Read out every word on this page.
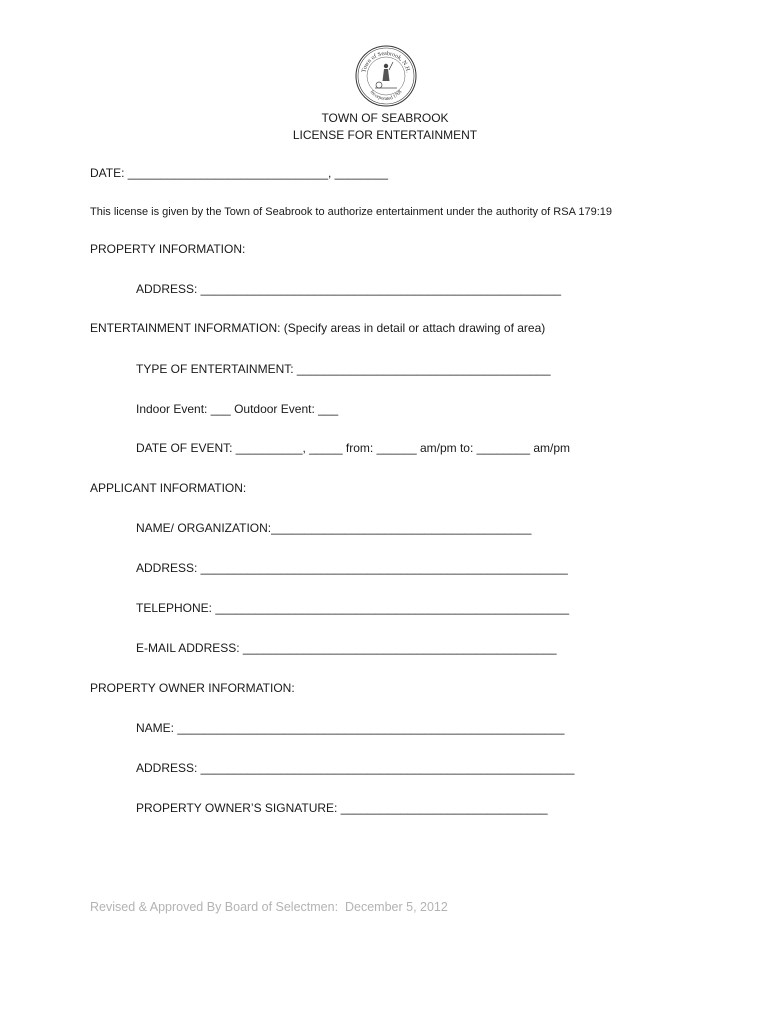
Town of Seabrook, N.H.
Incorporated 1768
TOWN OF SEABROOK
LICENSE FOR ENTERTAINMENT
DATE: ______________________________, ________
This license is given by the Town of Seabrook to authorize entertainment under the authority of RSA 179:19
PROPERTY INFORMATION:
ADDRESS: ______________________________________________________
ENTERTAINMENT INFORMATION: (Specify areas in detail or attach drawing of area)
TYPE OF ENTERTAINMENT: ______________________________________
Indoor Event: ___ Outdoor Event: ___
DATE OF EVENT: __________, _____ from: ______ am/pm to: ________ am/pm
APPLICANT INFORMATION:
NAME/ ORGANIZATION:_______________________________________
ADDRESS: _______________________________________________________
TELEPHONE: _____________________________________________________
E-MAIL ADDRESS: _______________________________________________
PROPERTY OWNER INFORMATION:
NAME: __________________________________________________________
ADDRESS: ________________________________________________________
PROPERTY OWNER’S SIGNATURE: _______________________________
Revised & Approved By Board of Selectmen:  December 5, 2012
